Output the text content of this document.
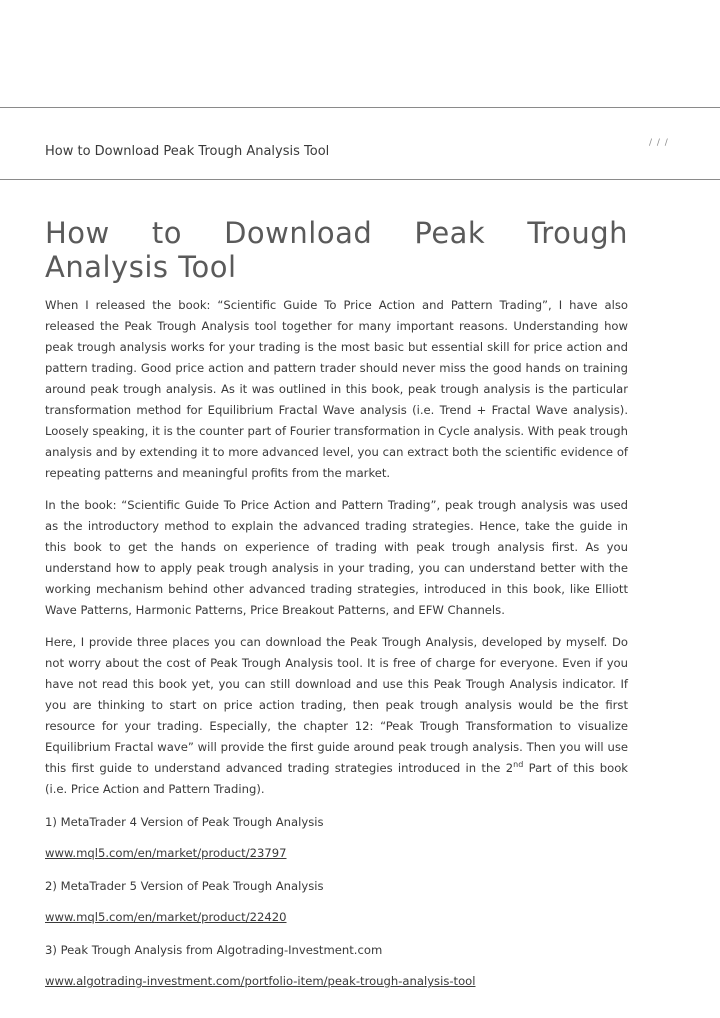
How to Download Peak Trough Analysis Tool
/ / /
How to Download Peak Trough Analysis Tool

When I released the book: “Scientific Guide To Price Action and Pattern Trading”, I have also released the Peak Trough Analysis tool together for many important reasons. Understanding how peak trough analysis works for your trading is the most basic but essential skill for price action and pattern trading. Good price action and pattern trader should never miss the good hands on training around peak trough analysis. As it was outlined in this book, peak trough analysis is the particular transformation method for Equilibrium Fractal Wave analysis (i.e. Trend + Fractal Wave analysis). Loosely speaking, it is the counter part of Fourier transformation in Cycle analysis. With peak trough analysis and by extending it to more advanced level, you can extract both the scientific evidence of repeating patterns and meaningful profits from the market.

In the book: “Scientific Guide To Price Action and Pattern Trading”, peak trough analysis was used as the introductory method to explain the advanced trading strategies. Hence, take the guide in this book to get the hands on experience of trading with peak trough analysis first. As you understand how to apply peak trough analysis in your trading, you can understand better with the working mechanism behind other advanced trading strategies, introduced in this book, like Elliott Wave Patterns, Harmonic Patterns, Price Breakout Patterns, and EFW Channels.

Here, I provide three places you can download the Peak Trough Analysis, developed by myself. Do not worry about the cost of Peak Trough Analysis tool. It is free of charge for everyone. Even if you have not read this book yet, you can still download and use this Peak Trough Analysis indicator. If you are thinking to start on price action trading, then peak trough analysis would be the first resource for your trading. Especially, the chapter 12: “Peak Trough Transformation to visualize Equilibrium Fractal wave” will provide the first guide around peak trough analysis. Then you will use this first guide to understand advanced trading strategies introduced in the 2nd Part of this book (i.e. Price Action and Pattern Trading).

1) MetaTrader 4 Version of Peak Trough Analysis
www.mql5.com/en/market/product/23797
2) MetaTrader 5 Version of Peak Trough Analysis
www.mql5.com/en/market/product/22420
3) Peak Trough Analysis from Algotrading-Investment.com
www.algotrading-investment.com/portfolio-item/peak-trough-analysis-tool
